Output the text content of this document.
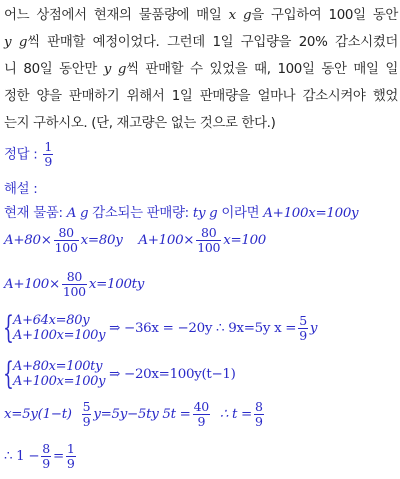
어느 상점에서 현재의 물품량에 매일 x g을 구입하여 100일 동안
y g씩 판매할 예정이었다. 그런데 1일 구입량을 20% 감소시켰더
니 80일 동안만 y g씩 판매할 수 있었을 때, 100일 동안 매일 일
정한 양을 판매하기 위해서 1일 판매량을 얼마나 감소시켜야 했었
는지 구하시오. (단, 재고량은 없는 것으로 한다.)
정답 : $\frac{1}{9}$
해설 :
현재 물품: A g 감소되는 판매량: ty g 이라면 A+100x=100y
$A+80\times \frac{80}{100} x=80y$ $A+100\times \frac{80}{100} x=100$
$A+100\times \frac{80}{100} x=100ty$
{ A+64x=80y
A+100x=100y ⇒ −36x = −20y ∴ 9x=5y $x = \frac{5}{9}$ y
{ A+80x=100ty
A+100x=100y ⇒ −20x=100y(t−1)
$x=5y(1-t) \frac{5}{9} y=5y-5ty$ $5t = \frac{40}{9}$ ∴ $t = \frac{8}{9}$
∴ $1 - \frac{8}{9} = \frac{1}{9}$
